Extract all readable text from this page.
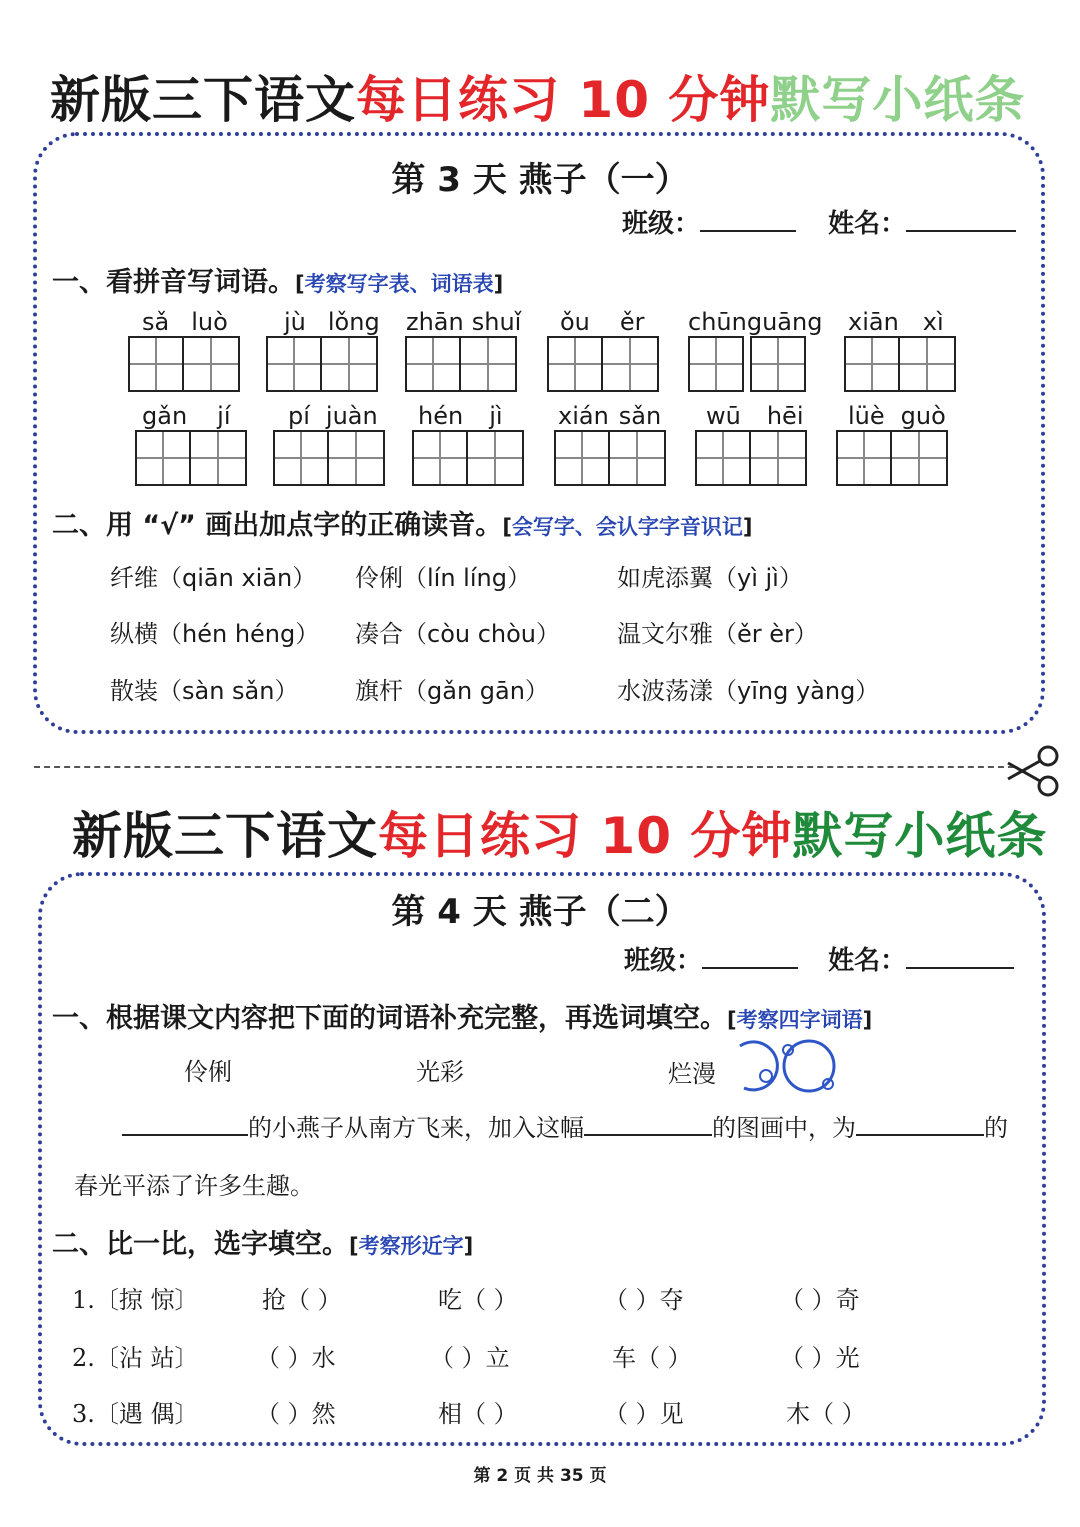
新版三下语文每日练习 10 分钟默写小纸条
第 3 天 燕子（一）
班级：	姓名：
一、看拼音写词语。[考察写字表、词语表]
sǎ luò jù lǒng zhān shuǐ ǒu ěr chūnguāng xiān xì
gǎn jí pí juàn hén jì xián sǎn wū hēi lüè guò
二、用 “√” 画出加点字的正确读音。[会写字、会认字字音识记]
纤维（qiān xiān） 伶俐（lín líng）	如虎添翼（yì jì）
纵横（hén héng） 凑合（còu chòu） 温文尔雅（ěr èr）
散装（sàn sǎn） 旗杆（gǎn gān）	水波荡漾（yīng yàng）
新版三下语文每日练习 10 分钟默写小纸条
第 4 天 燕子（二）
班级：	姓名：
一、根据课文内容把下面的词语补充完整，再选词填空。[考察四字词语]
伶俐	光彩	烂漫
的小燕子从南方飞来，加入这幅	的图画中，为	的
春光平添了许多生趣。
二、比一比，选字填空。[考察形近字]
1.〔掠 惊〕	抢（ ）	吃（ ）	（ ）夺	（ ）奇
2.〔沾 站〕 （ ）水	（ ）立	车（ ）	（ ）光
3.〔遇 偶〕 （ ）然	相（ ）	（ ）见	木（ ）
第 2 页 共 35 页
